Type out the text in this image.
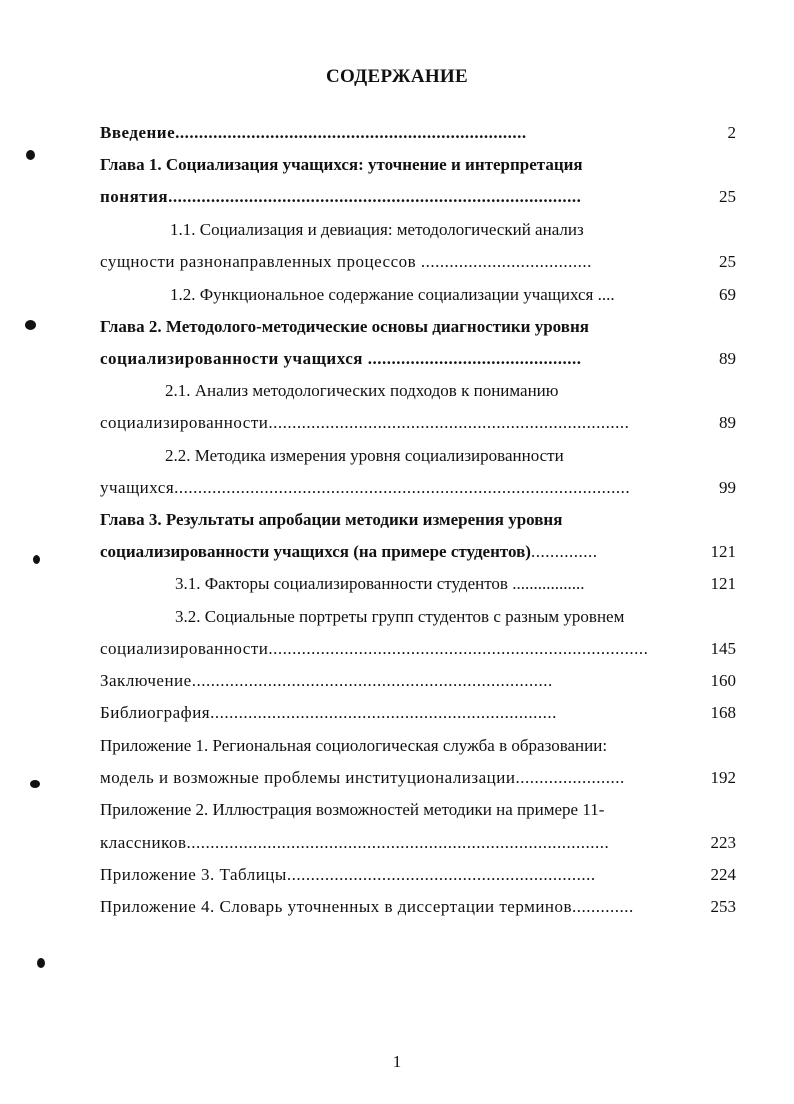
СОДЕРЖАНИЕ
Введение..........................................................................	2
Глава 1. Социализация учащихся: уточнение и интерпретация
понятия.......................................................................................	25
1.1. Социализация и девиация: методологический анализ
сущности разнонаправленных процессов ....................................	25
1.2. Функциональное содержание социализации учащихся ....	69
Глава 2. Методолого-методические основы диагностики уровня
социализированности учащихся .............................................	89
2.1. Анализ методологических подходов к пониманию
социализированности............................................................................	89
2.2. Методика измерения уровня социализированности
учащихся................................................................................................	99
Глава 3. Результаты апробации методики измерения уровня
социализированности учащихся (на примере студентов)..............	121
3.1. Факторы социализированности студентов .................	121
3.2. Социальные портреты групп студентов с разным уровнем
социализированности................................................................................	145
Заключение............................................................................	160
Библиография.........................................................................	168
Приложение 1. Региональная социологическая служба в образовании:
модель и возможные проблемы институционализации.......................	192
Приложение 2. Иллюстрация возможностей методики на примере 11-
классников.........................................................................................	223
Приложение 3. Таблицы.................................................................	224
Приложение 4. Словарь уточненных в диссертации терминов.............	253
1
